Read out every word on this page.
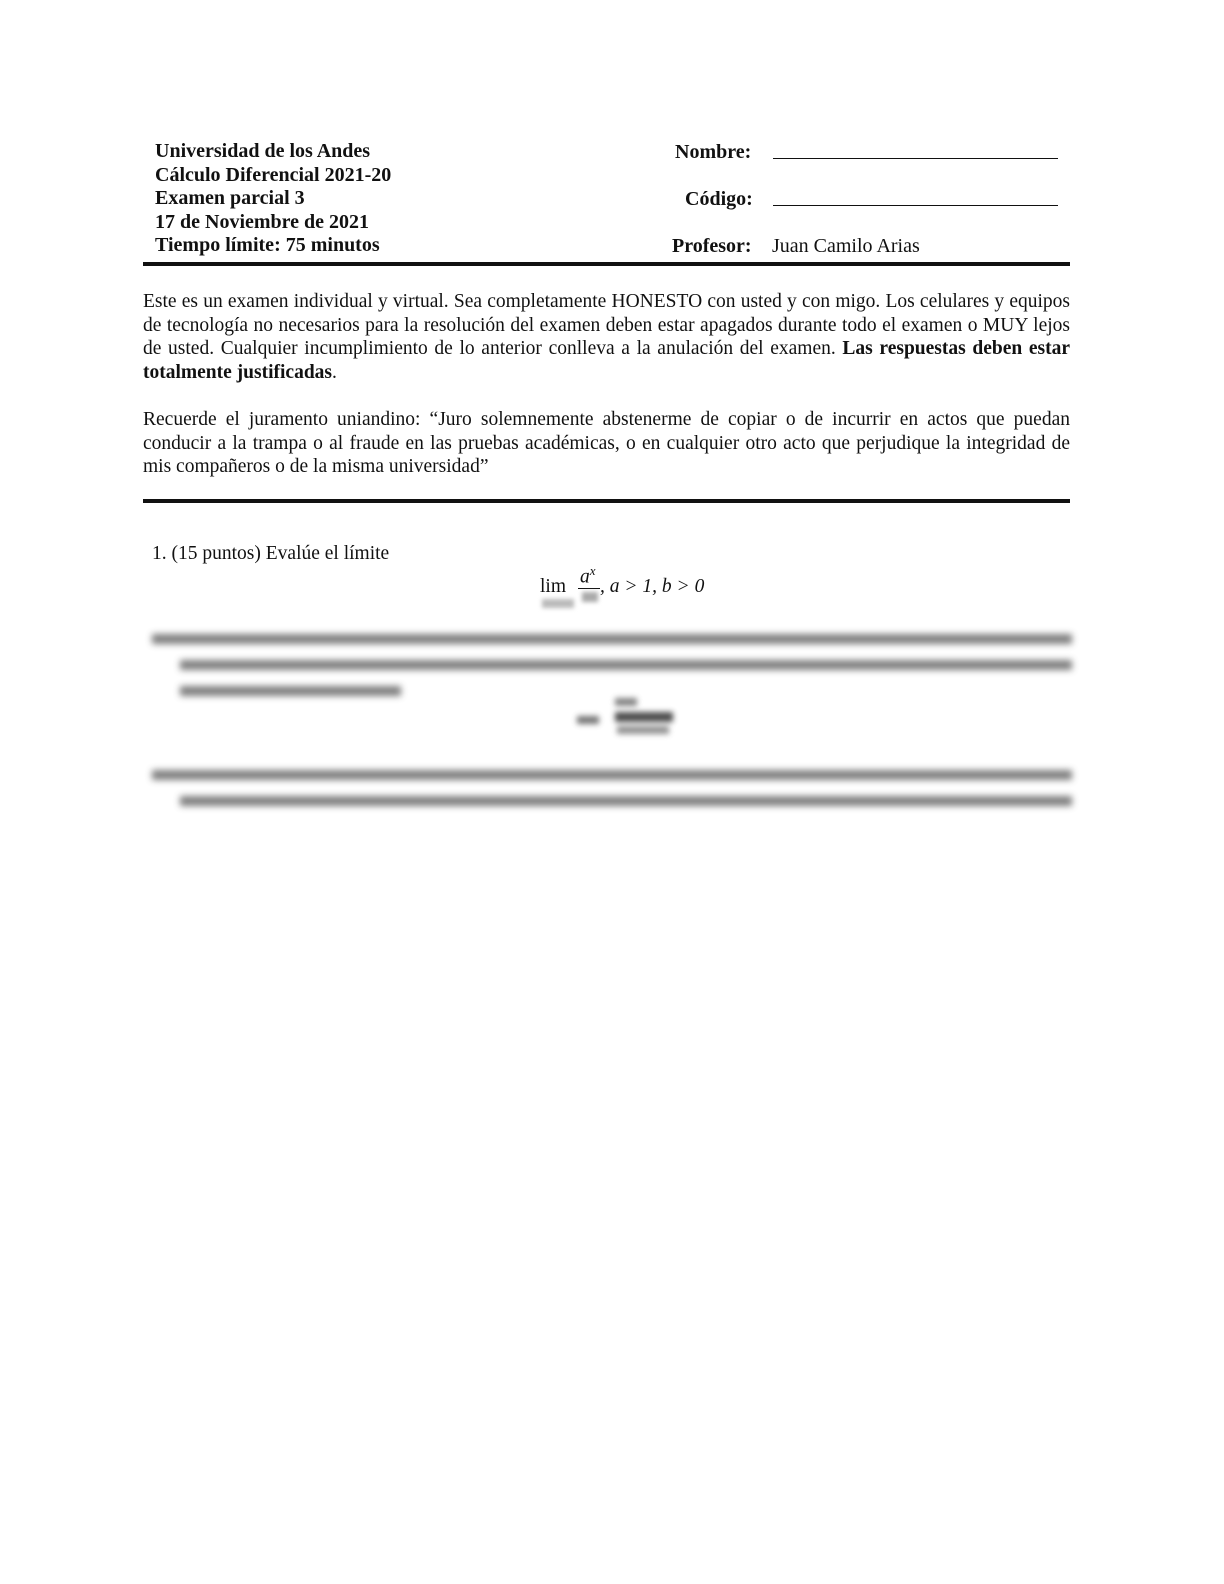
Universidad de los Andes
Cálculo Diferencial 2021-20
Examen parcial 3
17 de Noviembre de 2021
Tiempo límite: 75 minutos
Nombre:
Código:
Profesor: Juan Camilo Arias
Este es un examen individual y virtual. Sea completamente HONESTO con usted y con migo. Los celulares y equipos de tecnología no necesarios para la resolución del examen deben estar apagados durante todo el examen o MUY lejos de usted. Cualquier incumplimiento de lo anterior conlleva a la anulación del examen. Las respuestas deben estar totalmente justificadas.
Recuerde el juramento uniandino: “Juro solemnemente abstenerme de copiar o de incurrir en actos que puedan conducir a la trampa o al fraude en las pruebas académicas, o en cualquier otro acto que perjudique la integridad de mis compañeros o de la misma universidad”
1. (15 puntos) Evalúe el límite
$\lim a^x$
, a > 1, b > 0
